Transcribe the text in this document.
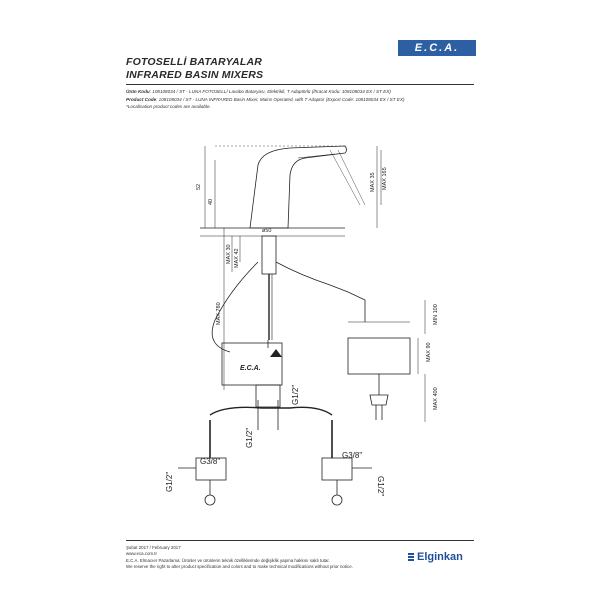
E.C.A.
FOTOSELLİ BATARYALAR
INFRARED BASIN MIXERS
Ürün Kodu: 108108034 / ST - LUNA FOTOSELLİ Lavabo Bataryası, Elektrikli, T Adaptörlü (İhracat Kodu: 108108034 EX / ST EX)
Product Code: 108108034 / ST - LUNA INFRARED Basin Mixer, Mains Operated, with T Adaptor (Export Code: 108108034 EX / ST EX)
*Localisation product codes are available.
52
40
ø50
MAX 42
MAX 35
MAX 30
MAX 780	MIN 100
MAX 90
MAX 400
MAX 165
G1/2"
G1/2"
G3/8"
G3/8"
G1/2"	G1/2"
E.C.A.
Şubat 2017 / February 2017
www.eca.com.tr
E.C.A. Elmacıer Pazarlama: Ürünler ve ürünlerin teknik özelliklerinde değişiklik yapma hakkını saklı tutar.
We reserve the right to alter product specification and colors and to make technical modifications without prior notice.
Elginkan
